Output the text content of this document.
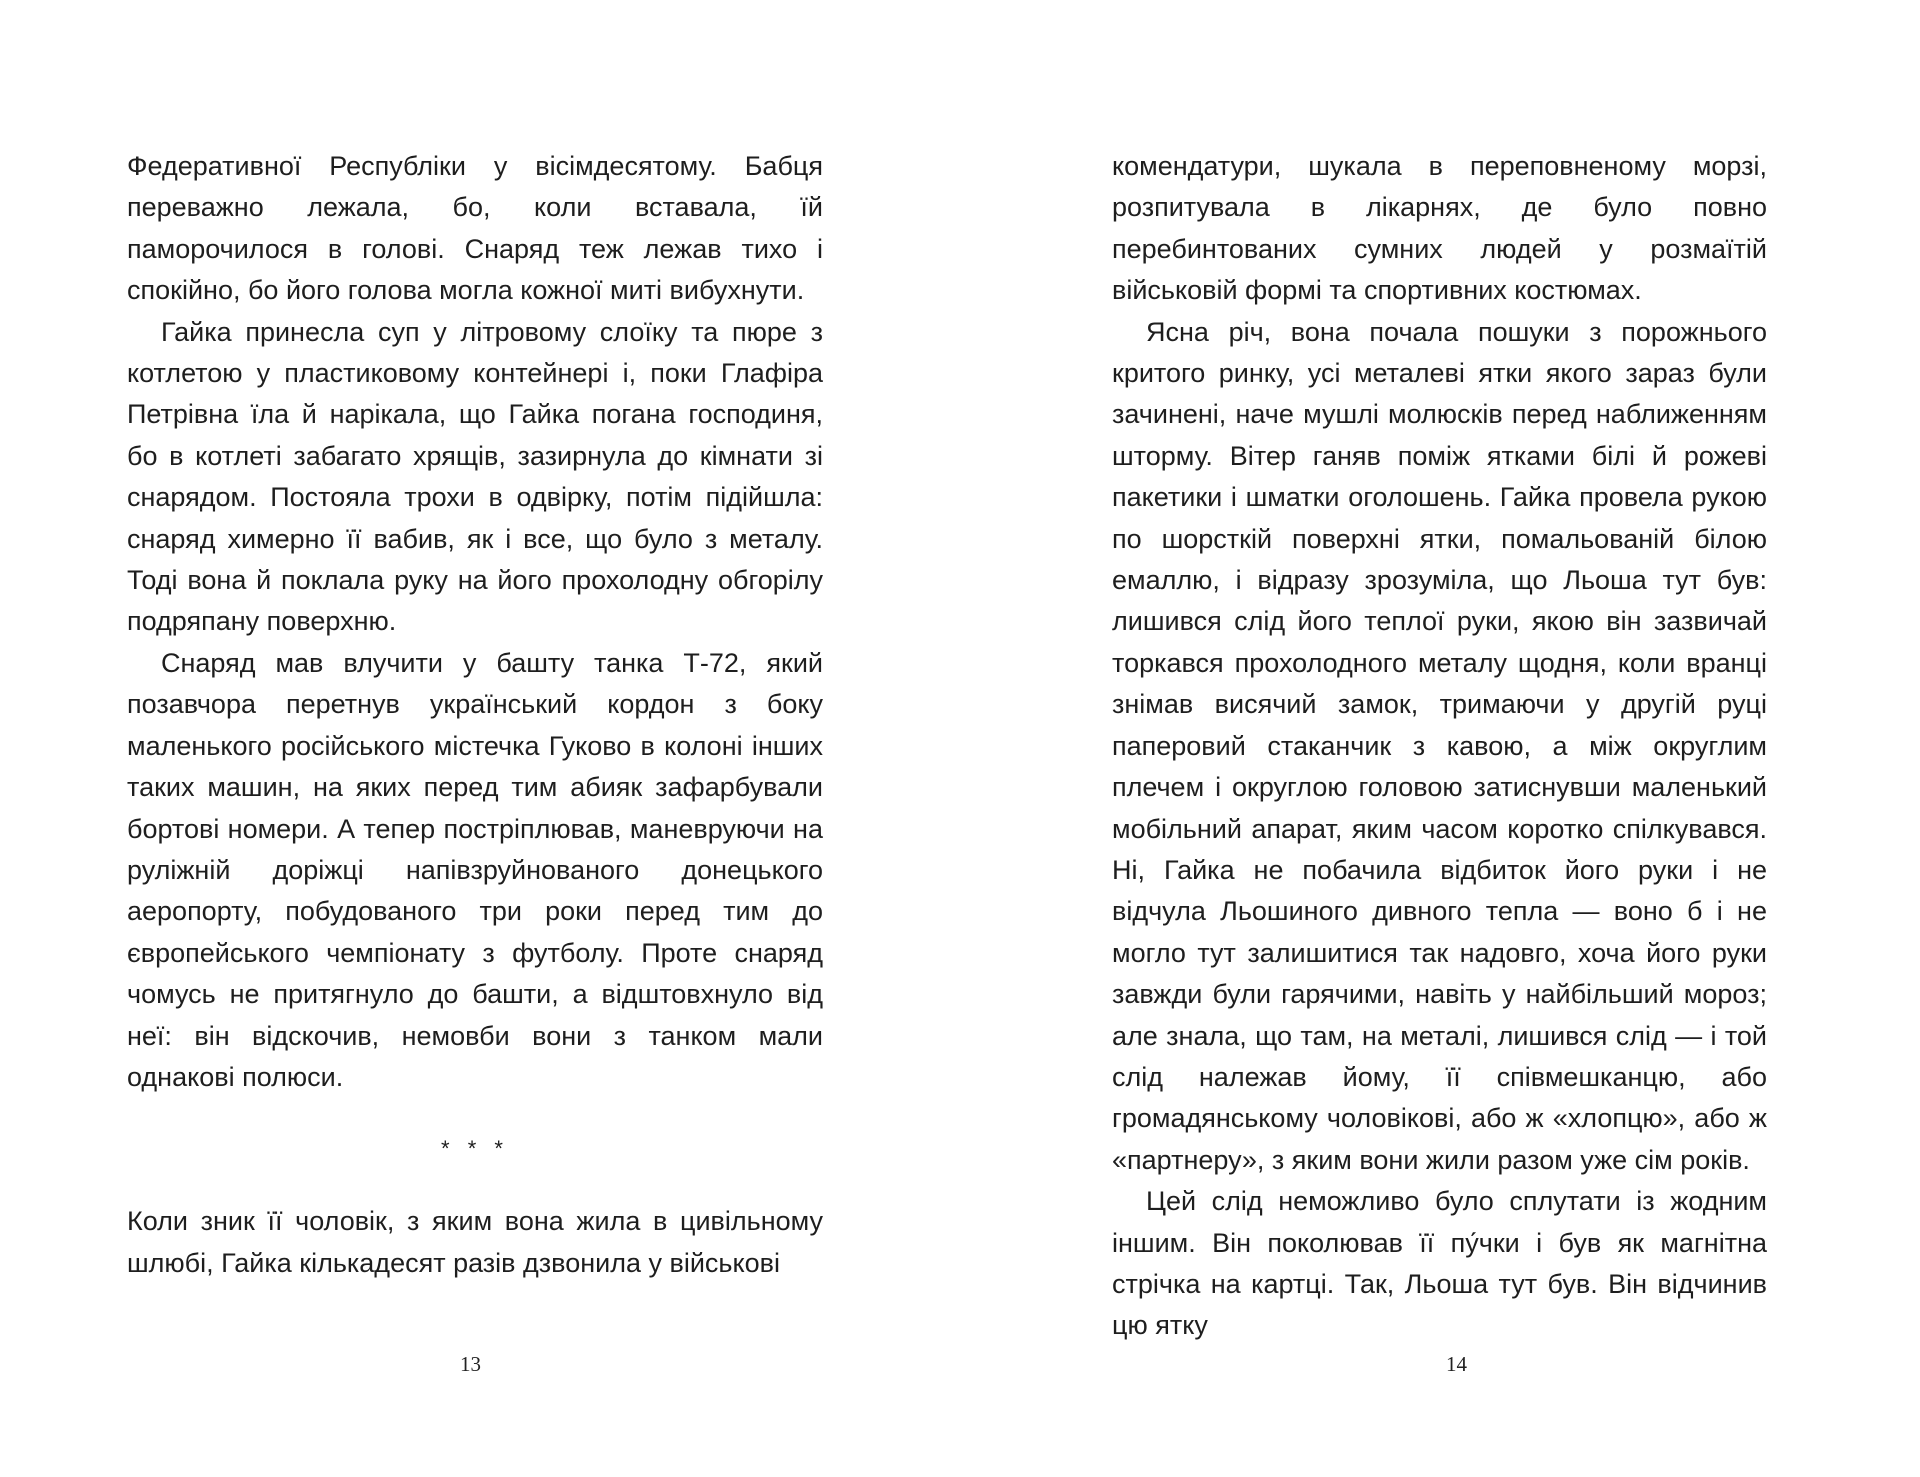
Федеративної Республіки у вісімдесятому. Бабця переважно лежала, бо, коли вставала, їй паморочилося в голові. Снаряд теж лежав тихо і спокійно, бо його голова могла кожної миті вибухнути.

Гайка принесла суп у літровому слоїку та пюре з котлетою у пластиковому контейнері і, поки Глафіра Петрівна їла й нарікала, що Гайка погана господиня, бо в котлеті забагато хрящів, зазирнула до кімнати зі снарядом. Постояла трохи в одвірку, потім підійшла: снаряд химерно її вабив, як і все, що було з металу. Тоді вона й поклала руку на його прохолодну обгорілу подряпану поверхню.

Снаряд мав влучити у башту танка Т-72, який позавчора перетнув український кордон з боку маленького російського містечка Гуково в колоні інших таких машин, на яких перед тим абияк зафарбували бортові номери. А тепер постріплював, маневруючи на руліжній доріжці напівзруйнованого донецького аеропорту, побудованого три роки перед тим до європейського чемпіонату з футболу. Проте снаряд чомусь не притягнуло до башти, а відштовхнуло від неї: він відскочив, немовби вони з танком мали однакові полюси.

* * *

Коли зник її чоловік, з яким вона жила в цивільному шлюбі, Гайка кількадесят разів дзвонила у військові

13

комендатури, шукала в переповненому морзі, розпитувала в лікарнях, де було повно перебинтованих сумних людей у розмаїтій військовій формі та спортивних костюмах.

Ясна річ, вона почала пошуки з порожнього критого ринку, усі металеві ятки якого зараз були зачинені, наче мушлі молюсків перед наближенням шторму. Вітер ганяв поміж ятками білі й рожеві пакетики і шматки оголошень. Гайка провела рукою по шорсткій поверхні ятки, помальованій білою емаллю, і відразу зрозуміла, що Льоша тут був: лишився слід його теплої руки, якою він зазвичай торкався прохолодного металу щодня, коли вранці знімав висячий замок, тримаючи у другій руці паперовий стаканчик з кавою, а між округлим плечем і округлою головою затиснувши маленький мобільний апарат, яким часом коротко спілкувався. Ні, Гайка не побачила відбиток його руки і не відчула Льошиного дивного тепла — воно б і не могло тут залишитися так надовго, хоча його руки завжди були гарячими, навіть у найбільший мороз; але знала, що там, на металі, лишився слід — і той слід належав йому, її співмешканцю, або громадянському чоловікові, або ж «хлопцю», або ж «партнеру», з яким вони жили разом уже сім років.

Цей слід неможливо було сплутати із жодним іншим. Він поколював її пу́чки і був як магнітна стрічка на картці. Так, Льоша тут був. Він відчинив цю ятку

14
